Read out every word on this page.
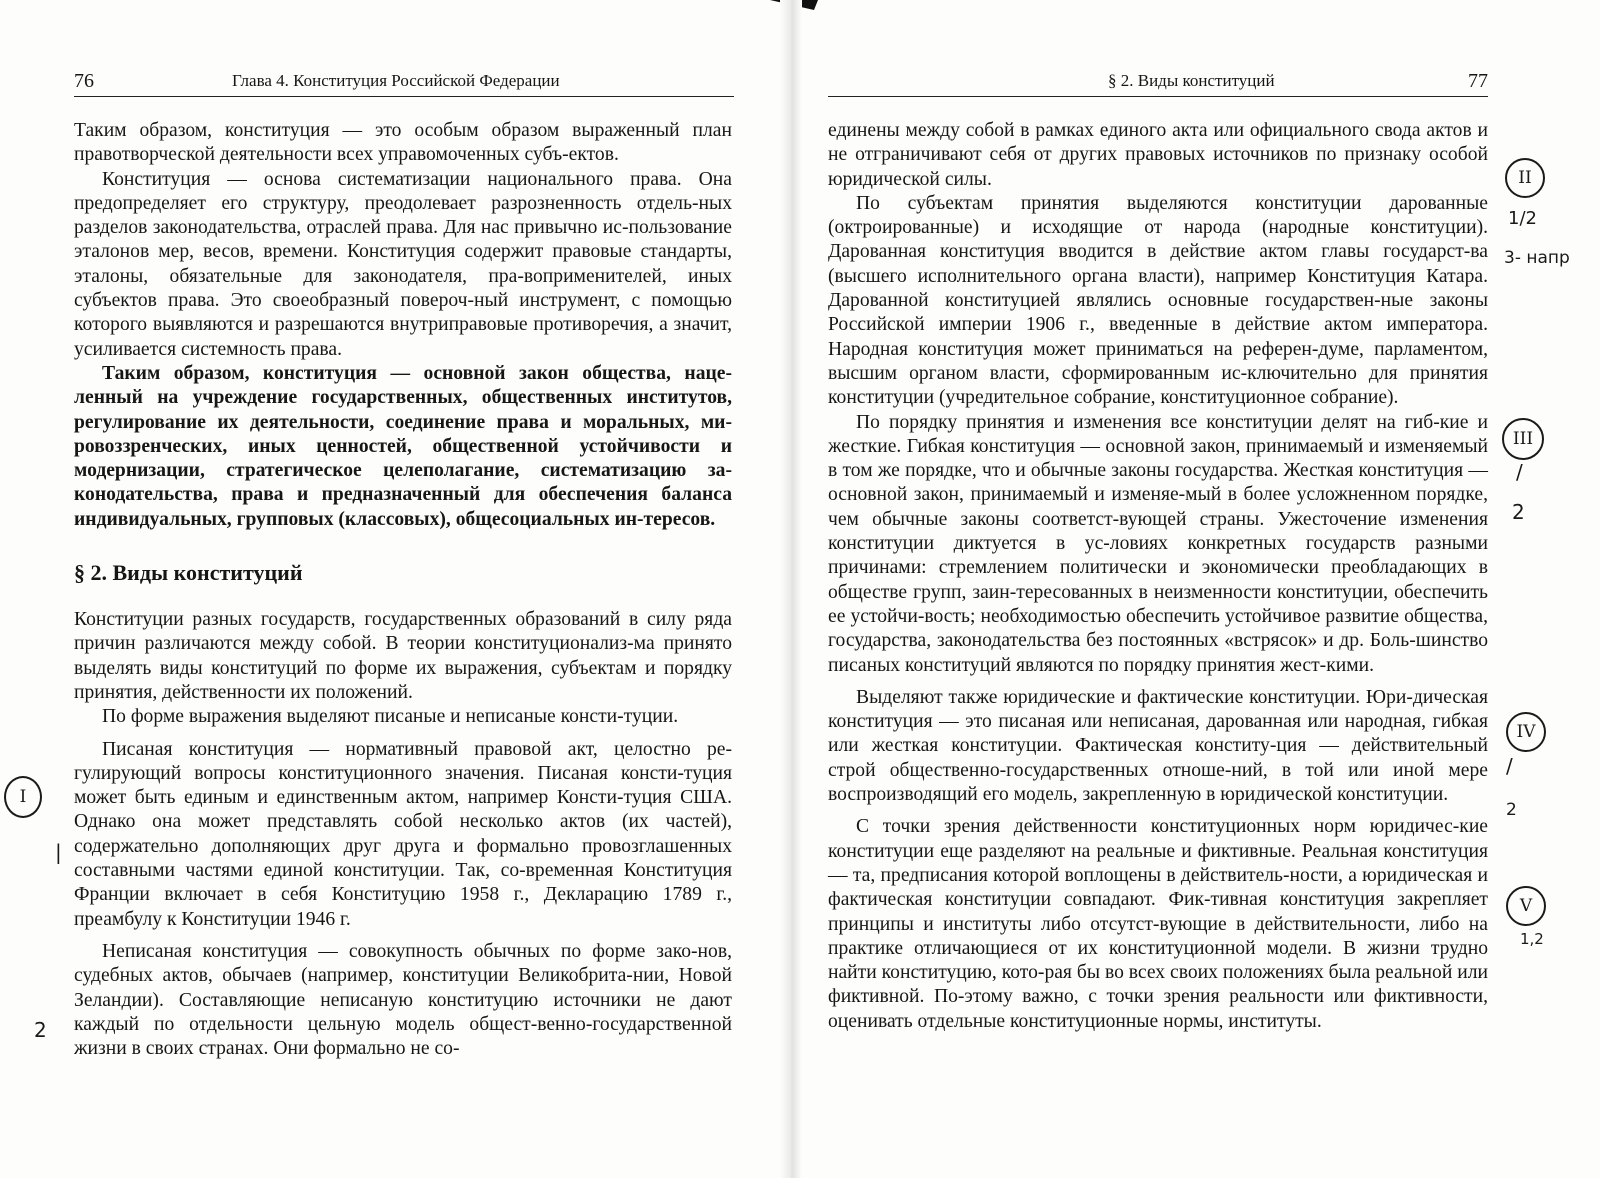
76	Глава 4. Конституция Российской Федерации

Таким образом, конституция — это особым образом выраженный план правотворческой деятельности всех управомоченных субъ-ектов.

Конституция — основа систематизации национального права. Она предопределяет его структуру, преодолевает разрозненность отдель-ных разделов законодательства, отраслей права. Для нас привычно ис-пользование эталонов мер, весов, времени. Конституция содержит правовые стандарты, эталоны, обязательные для законодателя, пра-воприменителей, иных субъектов права. Это своеобразный повероч-ный инструмент, с помощью которого выявляются и разрешаются внутриправовые противоречия, а значит, усиливается системность права.

Таким образом, конституция — основной закон общества, наце-ленный на учреждение государственных, общественных институтов, регулирование их деятельности, соединение права и моральных, ми-ровоззренческих, иных ценностей, общественной устойчивости и модернизации, стратегическое целеполагание, систематизацию за-конодательства, права и предназначенный для обеспечения баланса индивидуальных, групповых (классовых), общесоциальных ин-тересов.

§ 2. Виды конституций

Конституции разных государств, государственных образований в силу ряда причин различаются между собой. В теории конституционализ-ма принято выделять виды конституций по форме их выражения, субъектам и порядку принятия, действенности их положений.

По форме выражения выделяют писаные и неписаные консти-туции.

Писаная конституция — нормативный правовой акт, целостно ре-гулирующий вопросы конституционного значения. Писаная консти-туция может быть единым и единственным актом, например Консти-туция США. Однако она может представлять собой несколько актов (их частей), содержательно дополняющих друг друга и формально провозглашенных составными частями единой конституции. Так, со-временная Конституция Франции включает в себя Конституцию 1958 г., Декларацию 1789 г., преамбулу к Конституции 1946 г.

Неписаная конституция — совокупность обычных по форме зако-нов, судебных актов, обычаев (например, конституции Великобрита-нии, Новой Зеландии). Составляющие неписаную конституцию источники не дают каждый по отдельности цельную модель общест-венно-государственной жизни в своих странах. Они формально не со-

I
|
2
§ 2. Виды конституций	77

единены между собой в рамках единого акта или официального свода актов и не отграничивают себя от других правовых источников по признаку особой юридической силы.

По субъектам принятия выделяются конституции дарованные (октроированные) и исходящие от народа (народные конституции). Дарованная конституция вводится в действие актом главы государст-ва (высшего исполнительного органа власти), например Конституция Катара. Дарованной конституцией являлись основные государствен-ные законы Российской империи 1906 г., введенные в действие актом императора. Народная конституция может приниматься на референ-думе, парламентом, высшим органом власти, сформированным ис-ключительно для принятия конституции (учредительное собрание, конституционное собрание).

По порядку принятия и изменения все конституции делят на гиб-кие и жесткие. Гибкая конституция — основной закон, принимаемый и изменяемый в том же порядке, что и обычные законы государства. Жесткая конституция — основной закон, принимаемый и изменяе-мый в более усложненном порядке, чем обычные законы соответст-вующей страны. Ужесточение изменения конституции диктуется в ус-ловиях конкретных государств разными причинами: стремлением политически и экономически преобладающих в обществе групп, заин-тересованных в неизменности конституции, обеспечить ее устойчи-вость; необходимостью обеспечить устойчивое развитие общества, государства, законодательства без постоянных «встрясок» и др. Боль-шинство писаных конституций являются по порядку принятия жест-кими.

Выделяют также юридические и фактические конституции. Юри-дическая конституция — это писаная или неписаная, дарованная или народная, гибкая или жесткая конституции. Фактическая конститу-ция — действительный строй общественно-государственных отноше-ний, в той или иной мере воспроизводящий его модель, закрепленную в юридической конституции.

С точки зрения действенности конституционных норм юридичес-кие конституции еще разделяют на реальные и фиктивные. Реальная конституция — та, предписания которой воплощены в действитель-ности, а юридическая и фактическая конституции совпадают. Фик-тивная конституция закрепляет принципы и институты либо отсутст-вующие в действительности, либо на практике отличающиеся от их конституционной модели. В жизни трудно найти конституцию, кото-рая бы во всех своих положениях была реальной или фиктивной. По-этому важно, с точки зрения реальности или фиктивности, оценивать отдельные конституционные нормы, институты.

II
1/2
3- напр
III
/
2
IV
/
2
V
1,2
